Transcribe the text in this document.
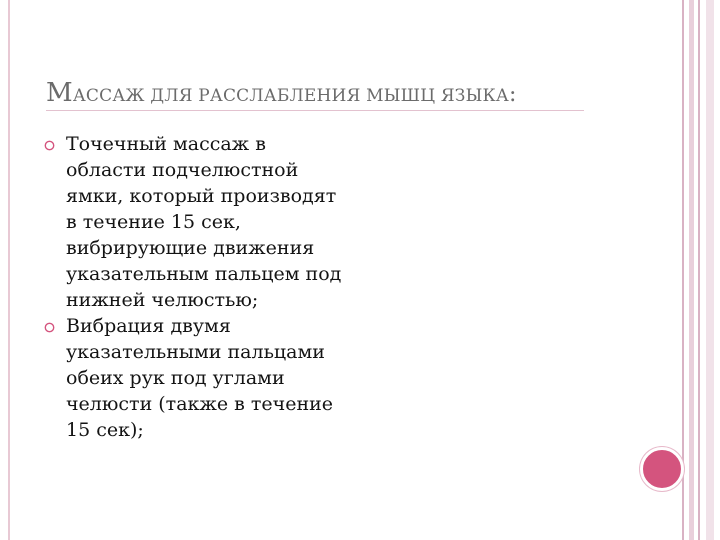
МАССАЖ ДЛЯ РАССЛАБЛЕНИЯ МЫШЦ ЯЗЫКА:
Точечный массаж в области подчелюстной ямки, который производят в течение 15 сек, вибрирующие движения указательным пальцем под нижней челюстью;
Вибрация двумя указательными пальцами обеих рук под углами челюсти (также в течение 15 сек);
